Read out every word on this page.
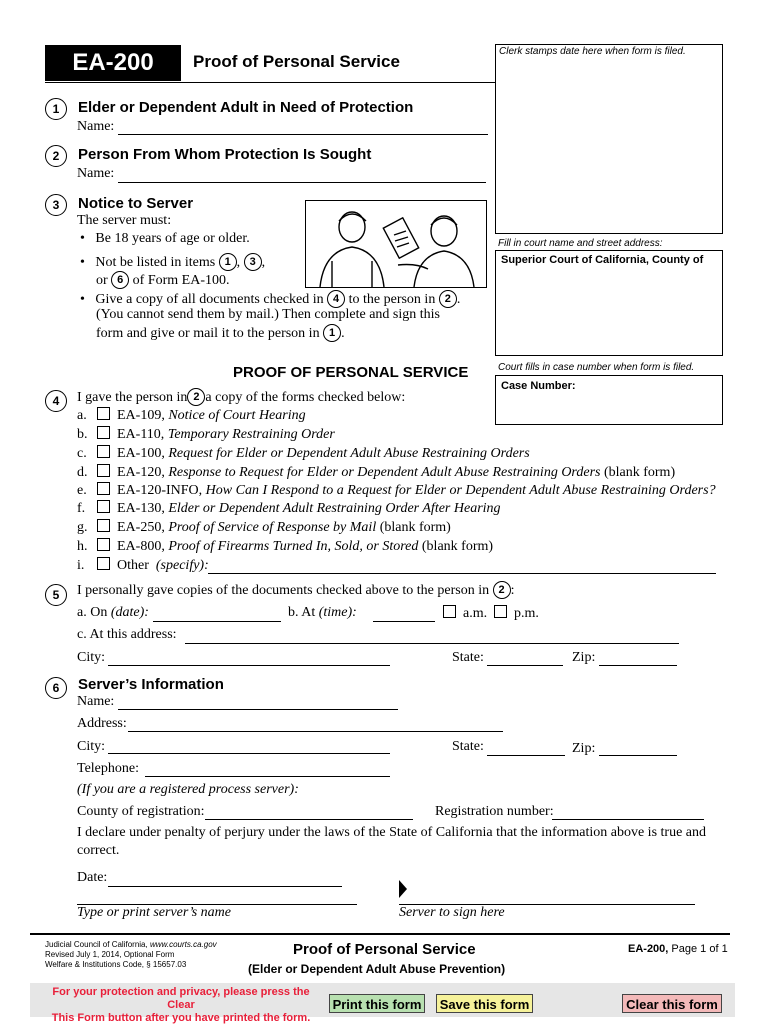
EA-200	Proof of Personal Service
Clerk stamps date here when form is filed.
Fill in court name and street address:
Superior Court of California, County of
Court fills in case number when form is filed.
Case Number:
1	Elder or Dependent Adult in Need of Protection
Name:
2	Person From Whom Protection Is Sought
Name:
3	Notice to Server
The server must:
•   Be 18 years of age or older.
•   Not be listed in items 1 , 3 ,
or 6 of Form EA-100.
•   Give a copy of all documents checked in 4 to the person in 2 .
(You cannot send them by mail.) Then complete and sign this
form and give or mail it to the person in 1 .
PROOF OF PERSONAL SERVICE
4	I gave the person in 2 a copy of the forms checked below:
a. EA-109, Notice of Court Hearing
b. EA-110, Temporary Restraining Order
c. EA-100, Request for Elder or Dependent Adult Abuse Restraining Orders
d. EA-120, Response to Request for Elder or Dependent Adult Abuse Restraining Orders (blank form)
e. EA-120-INFO, How Can I Respond to a Request for Elder or Dependent Adult Abuse Restraining Orders?
f. EA-130, Elder or Dependent Adult Restraining Order After Hearing
g. EA-250, Proof of Service of Response by Mail (blank form)
h. EA-800, Proof of Firearms Turned In, Sold, or Stored (blank form)
i. Other (specify):
5	I personally gave copies of the documents checked above to the person in 2 :
a. On (date):	b. At (time):	a.m.	p.m.
c. At this address:
City:	State:	Zip:
6	Server’s Information
Name:
Address:
City:	State:	Zip:
Telephone:
(If you are a registered process server):
County of registration:	Registration number:
I declare under penalty of perjury under the laws of the State of California that the information above is true and correct.
Date:
Type or print server’s name	Server to sign here
Judicial Council of California, www.courts.ca.gov
Revised July 1, 2014, Optional Form
Welfare & Institutions Code, § 15657.03
Proof of Personal Service
(Elder or Dependent Adult Abuse Prevention)
EA-200, Page 1 of 1
For your protection and privacy, please press the Clear
This Form button after you have printed the form.
Print this form Save this form	Clear this form
